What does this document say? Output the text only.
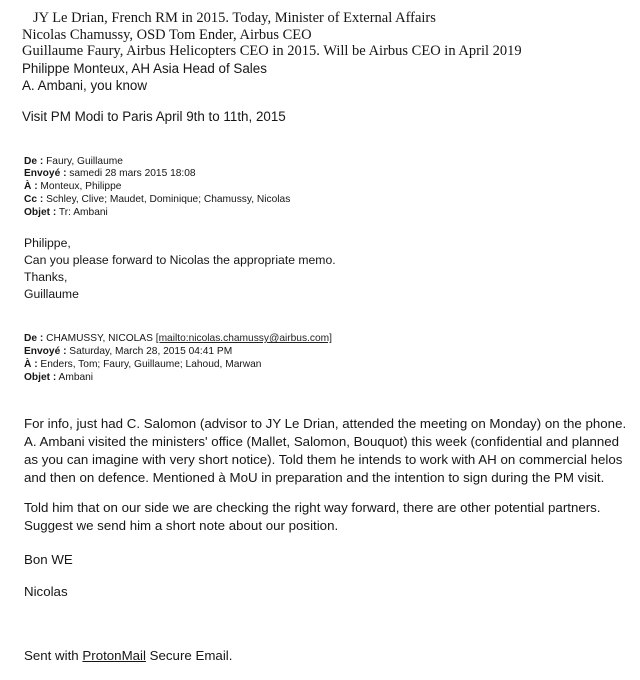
JY Le Drian, French RM in 2015. Today, Minister of External Affairs
Nicolas Chamussy, OSD Tom Ender, Airbus CEO
Guillaume Faury, Airbus Helicopters CEO in 2015. Will be Airbus CEO in April 2019
Philippe Monteux, AH Asia Head of Sales
A. Ambani, you know
Visit PM Modi to Paris April 9th to 11th, 2015
De : Faury, Guillaume
Envoyé : samedi 28 mars 2015 18:08
À : Monteux, Philippe
Cc : Schley, Clive; Maudet, Dominique; Chamussy, Nicolas
Objet : Tr: Ambani
Philippe,
Can you please forward to Nicolas the appropriate memo.
Thanks,
Guillaume
De : CHAMUSSY, NICOLAS [mailto:nicolas.chamussy@airbus.com]
Envoyé : Saturday, March 28, 2015 04:41 PM
À : Enders, Tom; Faury, Guillaume; Lahoud, Marwan
Objet : Ambani
For info, just had C. Salomon (advisor to JY Le Drian, attended the meeting on Monday) on the phone.
A. Ambani visited the ministers' office (Mallet, Salomon, Bouquot) this week (confidential and planned
as you can imagine with very short notice). Told them he intends to work with AH on commercial helos
and then on defence. Mentioned à MoU in preparation and the intention to sign during the PM visit.
Told him that on our side we are checking the right way forward, there are other potential partners.
Suggest we send him a short note about our position.
Bon WE
Nicolas
Sent with ProtonMail Secure Email.
